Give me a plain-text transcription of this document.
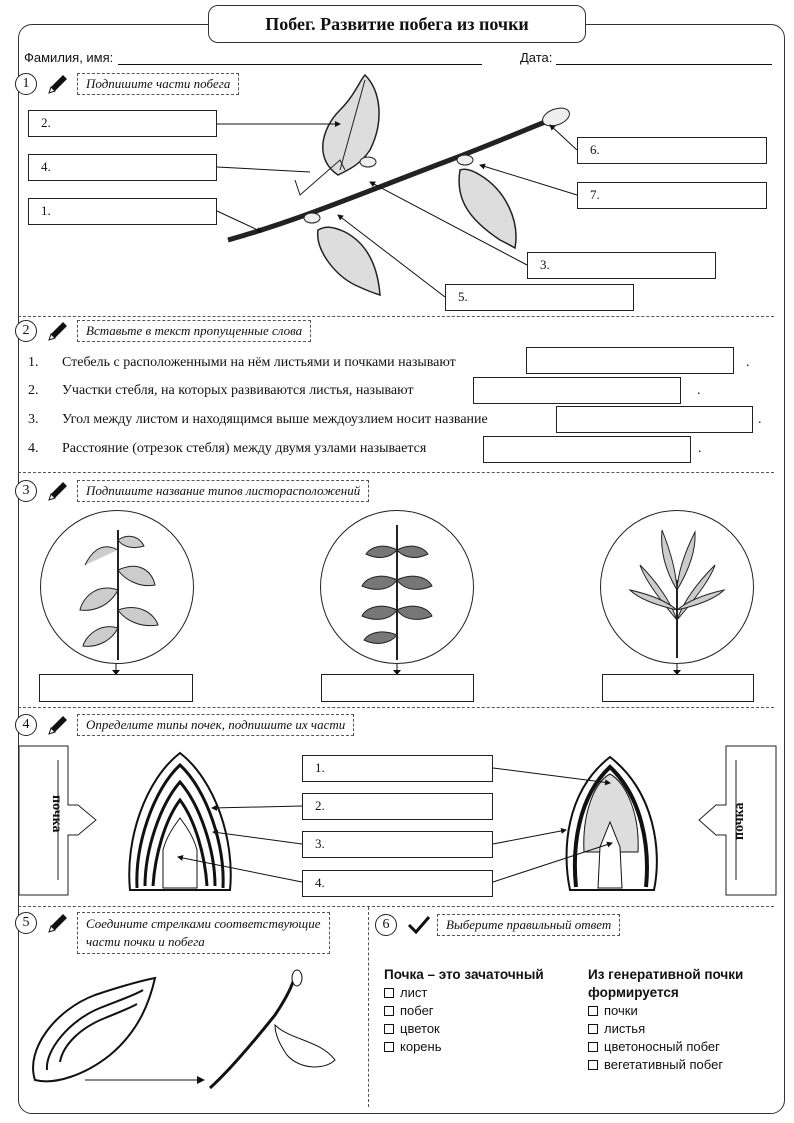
Побег. Развитие побега из почки
Фамилия, имя:	Дата:
1	Подпишите части побега
2.
4.
1.
6.
7.
3.
5.
2	Вставьте в текст пропущенные слова
1. Стебель с расположенными на нём листьями и почками называют	.
2. Участки стебля, на которых развиваются листья, называют	.
3. Угол между листом и находящимся выше междоузлием носит название	.
4. Расстояние (отрезок стебля) между двумя узлами называется	.
3	Подпишите название типов листорасположений
4	Определите типы почек, подпишите их части
почка	почка
1.
2.
3.
4.
5	Соедините стрелками соответствующие
части почки и побега
6	Выберите правильный ответ
Почка – это зачаточный
лист
побег
цветок
корень
Из генеративной почки
формируется
почки
листья
цветоносный побег
вегетативный побег
